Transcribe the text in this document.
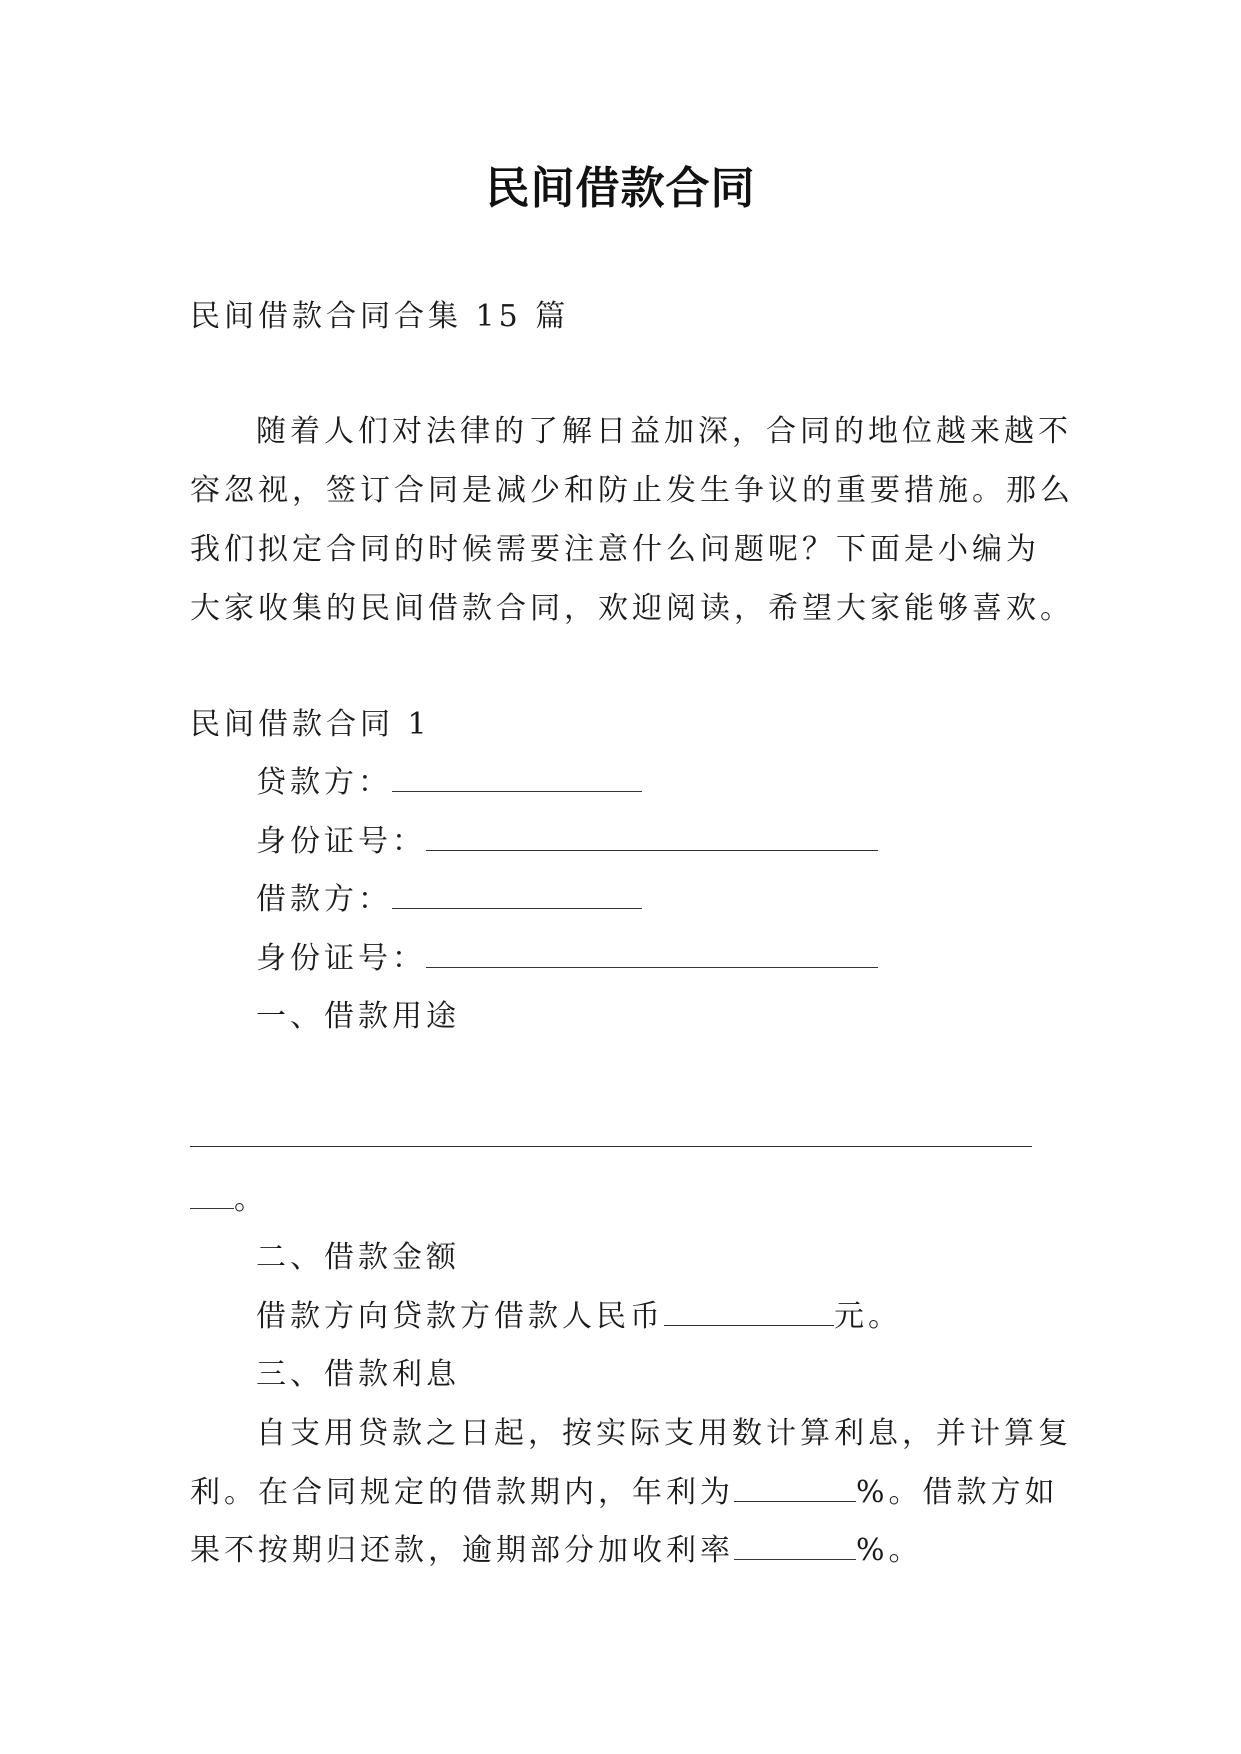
民间借款合同
民间借款合同合集 15 篇
随着人们对法律的了解日益加深，合同的地位越来越不
容忽视，签订合同是减少和防止发生争议的重要措施。那么
我们拟定合同的时候需要注意什么问题呢？下面是小编为
大家收集的民间借款合同，欢迎阅读，希望大家能够喜欢。
民间借款合同 1
贷款方：
身份证号：
借款方：
身份证号：
一、借款用途
。
二、借款金额
借款方向贷款方借款人民币	元。
三、借款利息
自支用贷款之日起，按实际支用数计算利息，并计算复
利。在合同规定的借款期内，年利为	%。借款方如
果不按期归还款，逾期部分加收利率	%。
